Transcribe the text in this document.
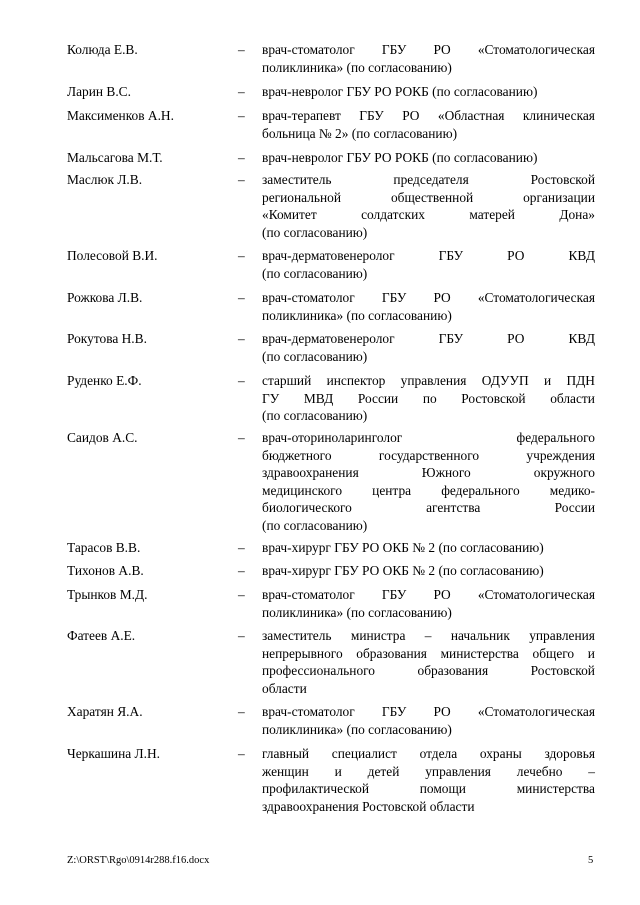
Колюда Е.В.	– врач-стоматолог ГБУ РО «Стоматологическая
поликлиника» (по согласованию)
Ларин В.С.	– врач-невролог ГБУ РО РОКБ (по согласованию)
Максименков А.Н.	– врач-терапевт ГБУ РО «Областная клиническая
больница № 2» (по согласованию)
Мальсагова М.Т.	– врач-невролог ГБУ РО РОКБ (по согласованию)
Маслюк Л.В.	– заместитель	председателя	Ростовской
региональной	общественной	организации
«Комитет	солдатских	матерей	Дона»
(по согласованию)
Полесовой В.И.	– врач-дерматовенеролог	ГБУ	РО	КВД
(по согласованию)
Рожкова Л.В.	– врач-стоматолог ГБУ РО «Стоматологическая
поликлиника» (по согласованию)
Рокутова Н.В.	– врач-дерматовенеролог	ГБУ	РО	КВД
(по согласованию)
Руденко Е.Ф.	– старший инспектор управления ОДУУП и ПДН
ГУ МВД России по Ростовской области
(по согласованию)
Саидов А.С.	– врач-оториноларинголог	федерального
бюджетного	государственного	учреждения
здравоохранения	Южного	окружного
медицинского центра федерального медико-
биологического	агентства	России
(по согласованию)
Тарасов В.В.	– врач-хирург ГБУ РО ОКБ № 2 (по согласованию)
Тихонов А.В.	– врач-хирург ГБУ РО ОКБ № 2 (по согласованию)
Трынков М.Д.	– врач-стоматолог ГБУ РО «Стоматологическая
поликлиника» (по согласованию)
Фатеев А.Е.	– заместитель министра – начальник управления
непрерывного образования министерства общего и
профессионального	образования	Ростовской
области
Харатян Я.А.	– врач-стоматолог ГБУ РО «Стоматологическая
поликлиника» (по согласованию)
Черкашина Л.Н.	– главный специалист отдела охраны здоровья
женщин и детей управления лечебно –
профилактической	помощи	министерства
здравоохранения Ростовской области
Z:\ORST\Rgo\0914r288.f16.docx	5
